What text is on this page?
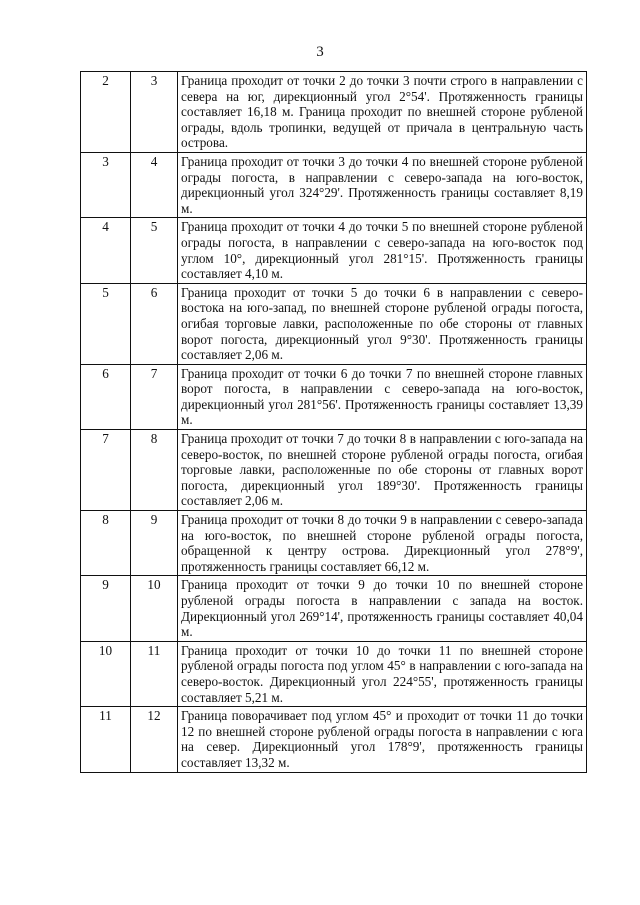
3
2	3	Граница проходит от точки 2 до точки 3 почти строго в направлении с севера на юг, дирекционный угол 2°54'. Протяженность границы составляет 16,18 м. Граница проходит по внешней стороне рубленой ограды, вдоль тропинки, ведущей от причала в центральную часть острова.
3	4	Граница проходит от точки 3 до точки 4 по внешней стороне рубленой ограды погоста, в направлении с северо-запада на юго-восток, дирекционный угол 324°29'. Протяженность границы составляет 8,19 м.
4	5	Граница проходит от точки 4 до точки 5 по внешней стороне рубленой ограды погоста, в направлении с северо-запада на юго-восток под углом 10°, дирекционный угол 281°15'. Протяженность границы составляет 4,10 м.
5	6	Граница проходит от точки 5 до точки 6 в направлении с северо-востока на юго-запад, по внешней стороне рубленой ограды погоста, огибая торговые лавки, расположенные по обе стороны от главных ворот погоста, дирекционный угол 9°30'. Протяженность границы составляет 2,06 м.
6	7	Граница проходит от точки 6 до точки 7 по внешней стороне главных ворот погоста, в направлении с северо-запада на юго-восток, дирекционный угол 281°56'. Протяженность границы составляет 13,39 м.
7	8	Граница проходит от точки 7 до точки 8 в направлении с юго-запада на северо-восток, по внешней стороне рубленой ограды погоста, огибая торговые лавки, расположенные по обе стороны от главных ворот погоста, дирекционный угол 189°30'. Протяженность границы составляет 2,06 м.
8	9	Граница проходит от точки 8 до точки 9 в направлении с северо-запада на юго-восток, по внешней стороне рубленой ограды погоста, обращенной к центру острова. Дирекционный угол 278°9', протяженность границы составляет 66,12 м.
9	10	Граница проходит от точки 9 до точки 10 по внешней стороне рубленой ограды погоста в направлении с запада на восток. Дирекционный угол 269°14', протяженность границы составляет 40,04 м.
10	11	Граница проходит от точки 10 до точки 11 по внешней стороне рубленой ограды погоста под углом 45° в направлении с юго-запада на северо-восток. Дирекционный угол 224°55', протяженность границы составляет 5,21 м.
11	12	Граница поворачивает под углом 45° и проходит от точки 11 до точки 12 по внешней стороне рубленой ограды погоста в направлении с юга на север. Дирекционный угол 178°9', протяженность границы составляет 13,32 м.
